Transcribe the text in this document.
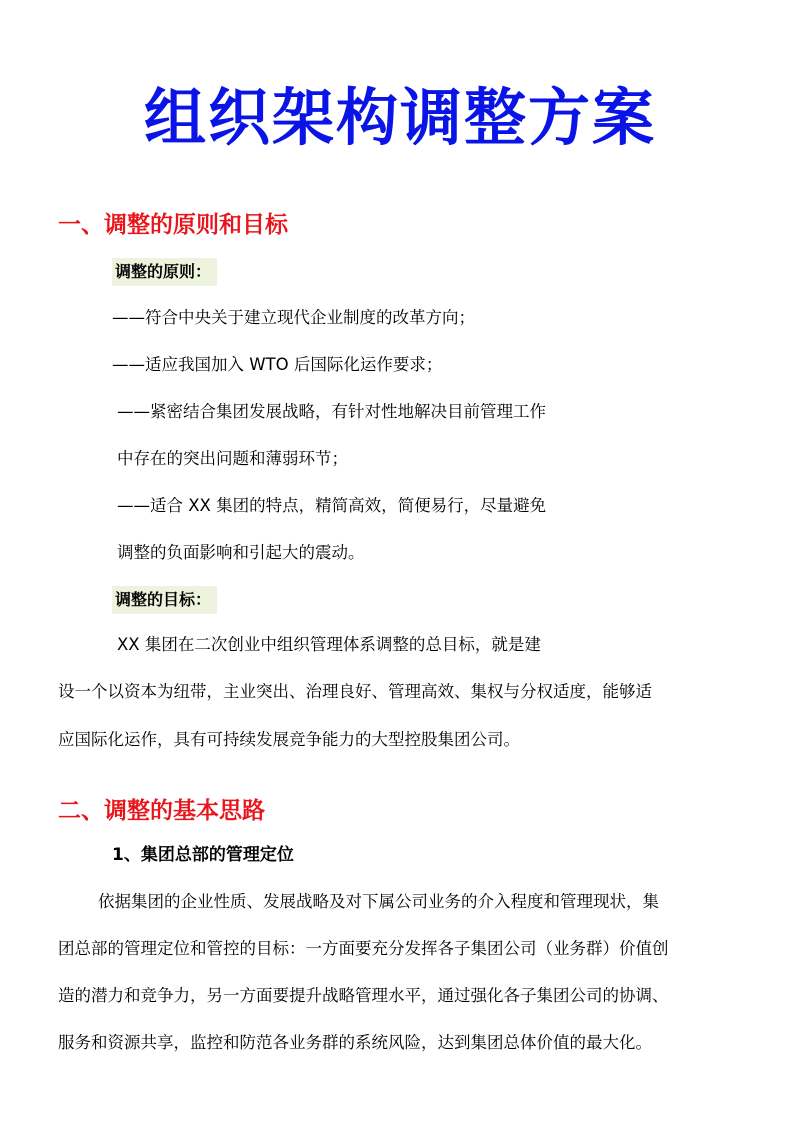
组织架构调整方案
一、调整的原则和目标
调整的原则：
——符合中央关于建立现代企业制度的改革方向；
——适应我国加入 WTO 后国际化运作要求；
——紧密结合集团发展战略，有针对性地解决目前管理工作
中存在的突出问题和薄弱环节；
——适合 XX 集团的特点，精简高效，简便易行，尽量避免
调整的负面影响和引起大的震动。
调整的目标：
XX 集团在二次创业中组织管理体系调整的总目标，就是建
设一个以资本为纽带，主业突出、治理良好、管理高效、集权与分权适度，能够适
应国际化运作，具有可持续发展竞争能力的大型控股集团公司。
二、调整的基本思路
1、集团总部的管理定位
依据集团的企业性质、发展战略及对下属公司业务的介入程度和管理现状，集
团总部的管理定位和管控的目标：一方面要充分发挥各子集团公司（业务群）价值创
造的潜力和竞争力，另一方面要提升战略管理水平，通过强化各子集团公司的协调、
服务和资源共享，监控和防范各业务群的系统风险，达到集团总体价值的最大化。
